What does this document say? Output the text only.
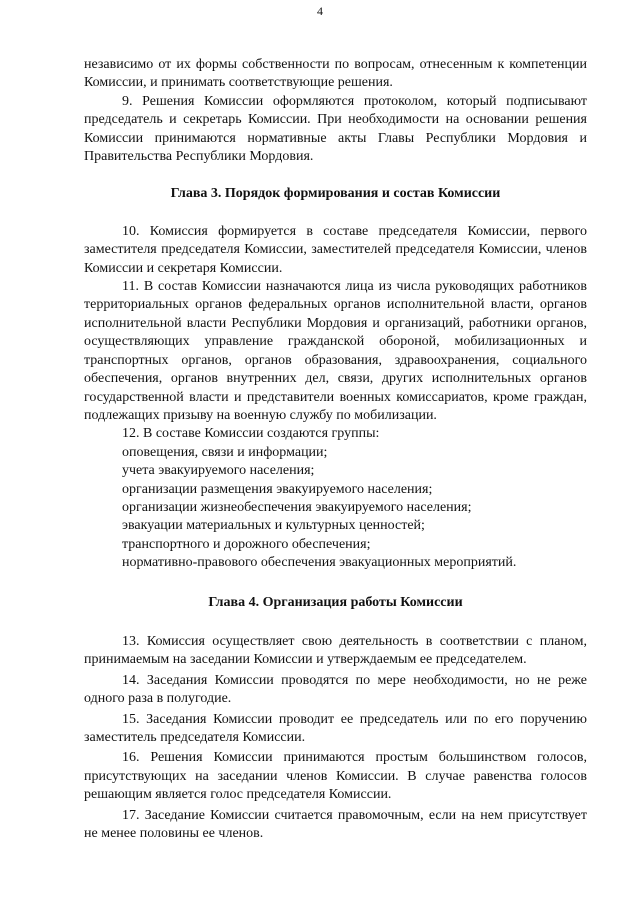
4

независимо от их формы собственности по вопросам, отнесенным к компетенции Комиссии, и принимать соответствующие решения.

9. Решения Комиссии оформляются протоколом, который подписывают председатель и секретарь Комиссии. При необходимости на основании решения Комиссии принимаются нормативные акты Главы Республики Мордовия и Правительства Республики Мордовия.

Глава 3. Порядок формирования и состав Комиссии

10. Комиссия формируется в составе председателя Комиссии, первого заместителя председателя Комиссии, заместителей председателя Комиссии, членов Комиссии и секретаря Комиссии.

11. В состав Комиссии назначаются лица из числа руководящих работников территориальных органов федеральных органов исполнительной власти, органов исполнительной власти Республики Мордовия и организаций, работники органов, осуществляющих управление гражданской обороной, мобилизационных и транспортных органов, органов образования, здравоохранения, социального обеспечения, органов внутренних дел, связи, других исполнительных органов государственной власти и представители военных комиссариатов, кроме граждан, подлежащих призыву на военную службу по мобилизации.

12. В составе Комиссии создаются группы:

оповещения, связи и информации;

учета эвакуируемого населения;

организации размещения эвакуируемого населения;

организации жизнеобеспечения эвакуируемого населения;

эвакуации материальных и культурных ценностей;

транспортного и дорожного обеспечения;

нормативно-правового обеспечения эвакуационных мероприятий.

Глава 4. Организация работы Комиссии

13. Комиссия осуществляет свою деятельность в соответствии с планом, принимаемым на заседании Комиссии и утверждаемым ее председателем.

14. Заседания Комиссии проводятся по мере необходимости, но не реже одного раза в полугодие.

15. Заседания Комиссии проводит ее председатель или по его поручению заместитель председателя Комиссии.

16. Решения Комиссии принимаются простым большинством голосов, присутствующих на заседании членов Комиссии. В случае равенства голосов решающим является голос председателя Комиссии.

17. Заседание Комиссии считается правомочным, если на нем присутствует не менее половины ее членов.
